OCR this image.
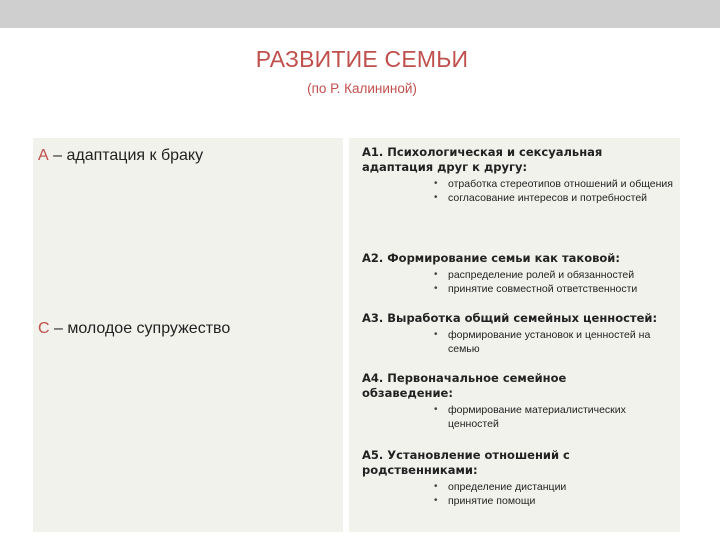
РАЗВИТИЕ СЕМЬИ
(по Р. Калининой)
А – адаптация к браку
С – молодое супружество
А1. Психологическая и сексуальная
адаптация друг к другу:
• отработка стереотипов отношений и общения
• согласование интересов и потребностей
А2. Формирование семьи как таковой:
• распределение ролей и обязанностей
• принятие совместной ответственности
А3. Выработка общий семейных ценностей:
• формирование установок и ценностей на семью
А4. Первоначальное семейное
обзаведение:
• формирование материалистических ценностей
А5. Установление отношений с
родственниками:
• определение дистанции
• принятие помощи
